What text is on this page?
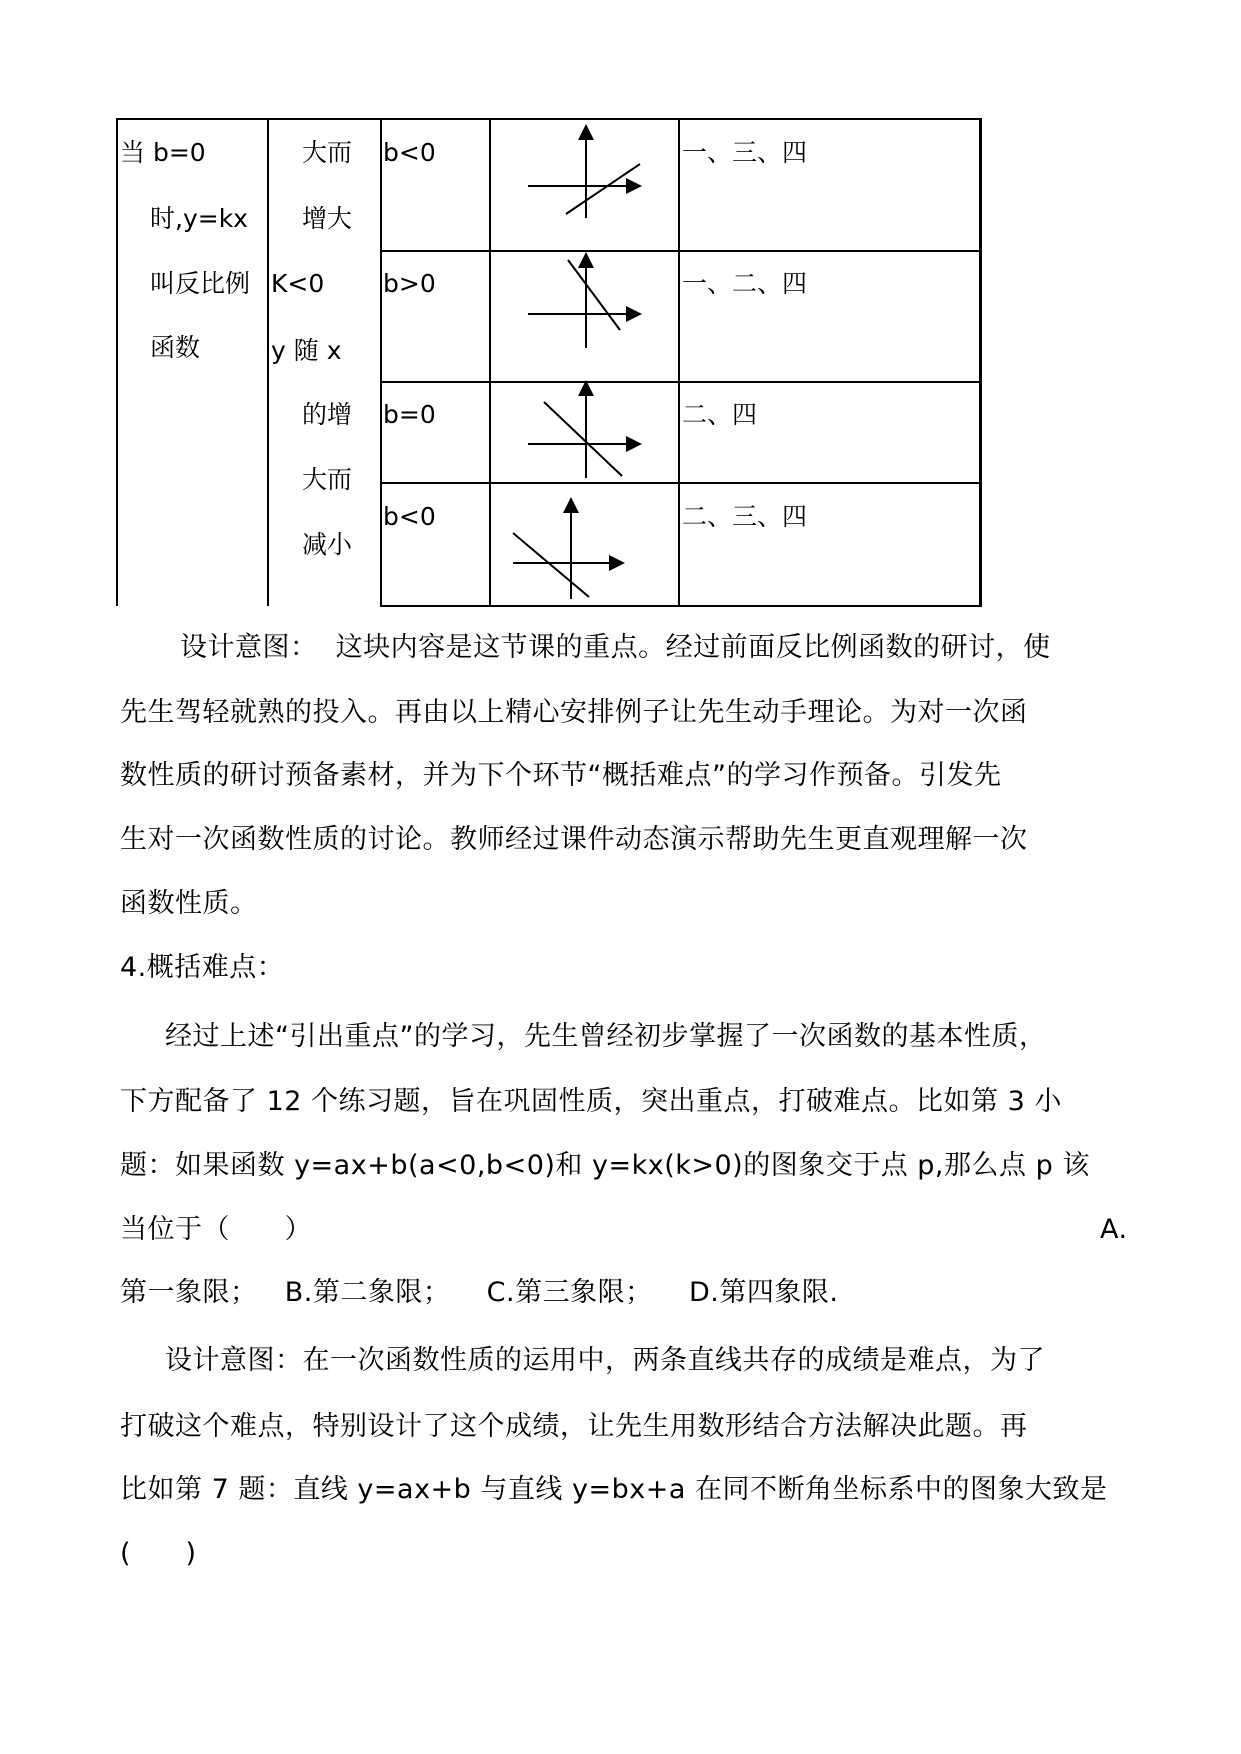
当 b=0
时,y=kx
叫反比例
函数
大而
增大
K<0
y 随 x
的增
大而
减小
b<0
b>0
b=0
b<0
一、三、四
一、二、四
二、四
二、三、四
设计意图：  这块内容是这节课的重点。经过前面反比例函数的研讨，使
先生驾轻就熟的投入。再由以上精心安排例子让先生动手理论。为对一次函
数性质的研讨预备素材，并为下个环节“概括难点”的学习作预备。引发先
生对一次函数性质的讨论。教师经过课件动态演示帮助先生更直观理解一次
函数性质。
4.概括难点：
经过上述“引出重点”的学习，先生曾经初步掌握了一次函数的基本性质，
下方配备了 12 个练习题，旨在巩固性质，突出重点，打破难点。比如第 3 小
题：如果函数 y=ax+b(a<0,b<0)和 y=kx(k>0)的图象交于点 p,那么点 p 该
当位于（      ）	A.
第一象限；   B.第二象限；    C.第三象限；    D.第四象限.
设计意图：在一次函数性质的运用中，两条直线共存的成绩是难点，为了
打破这个难点，特别设计了这个成绩，让先生用数形结合方法解决此题。再
比如第 7 题：直线 y=ax+b 与直线 y=bx+a 在同不断角坐标系中的图象大致是
(      )
